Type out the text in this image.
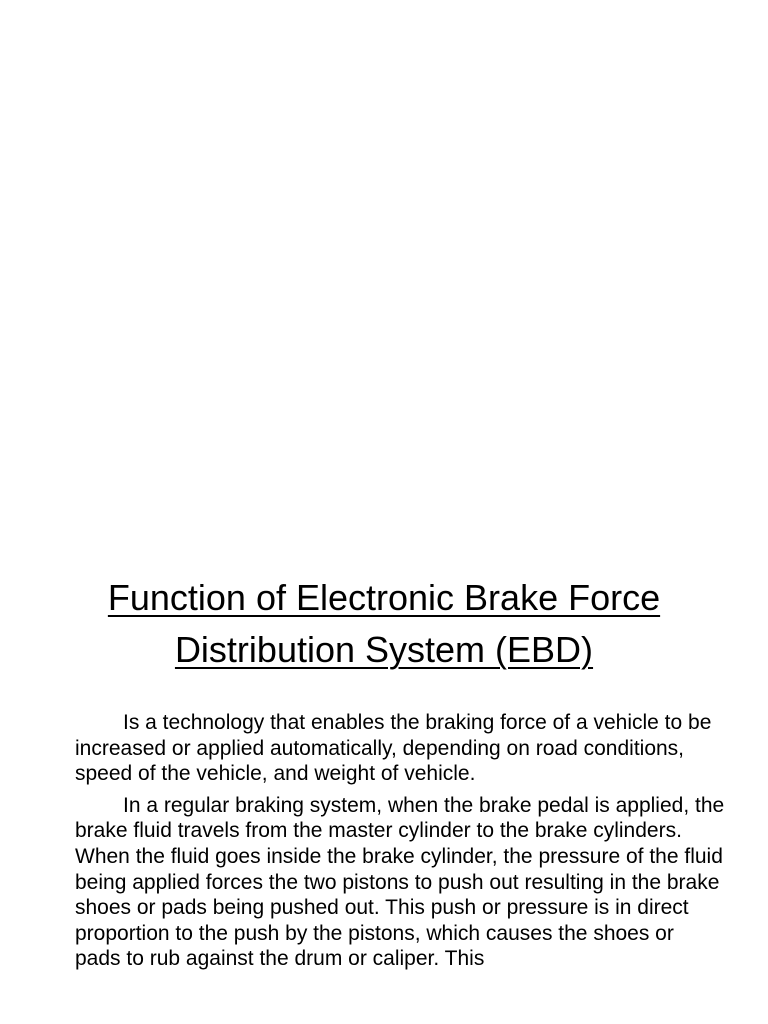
Function of Electronic Brake Force
Distribution System (EBD)

Is a technology that enables the braking force of a vehicle to be increased or applied automatically, depending on road conditions, speed of the vehicle, and weight of vehicle.

In a regular braking system, when the brake pedal is applied, the brake fluid travels from the master cylinder to the brake cylinders. When the fluid goes inside the brake cylinder, the pressure of the fluid being applied forces the two pistons to push out resulting in the brake shoes or pads being pushed out. This push or pressure is in direct proportion to the push by the pistons, which causes the shoes or pads to rub against the drum or caliper. This
